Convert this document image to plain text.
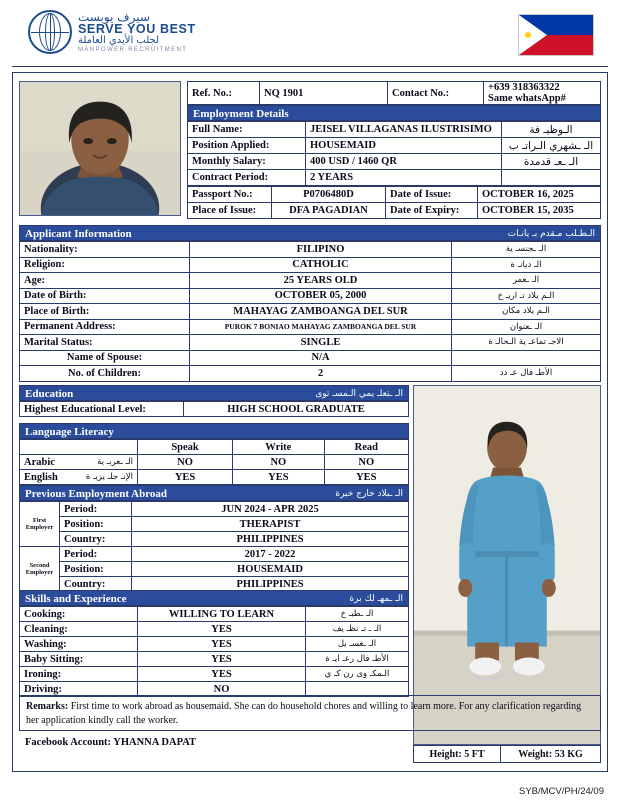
سيرف يوبست
SERVE YOU BEST
لجلب الأيدي العاملة
MANPOWER RECRUITMENT
Ref. No.:	NQ 1901	Contact No.:	+639 318363322
Same whatsApp#
Employment Details
Full Name:	JEISEL VILLAGANAS ILUSTRISIMO	الـوظيـ فة
Position Applied:	HOUSEMAID	الـ ـشهري الـراتـ ب
Monthly Salary:	400 USD / 1460 QR	الـ ـعـ قدمدة
Contract Period:	2 YEARS	
Passport No.:	P0706480D	Date of Issue:	OCTOBER 16, 2025
Place of Issue:	DFA PAGADIAN	Date of Expiry:	OCTOBER 15, 2035
Applicant Information	الـطـلب مـقدم بـ يانـات
Nationality:	FILIPINO	الـ ـجنسـ ية
Religion:	CATHOLIC	الـ ديانـ ة
Age:	25 YEARS OLD	الـ ـعمر
Date of Birth:	OCTOBER 05, 2000	الـم يلاد تـ اريـ خ
Place of Birth:	MAHAYAG ZAMBOANGA DEL SUR	الـم يلاد مكان
Permanent Address:	PUROK 7 BONIAO MAHAYAG ZAMBOANGA DEL SUR	الـ ـعنوان
Marital Status:	SINGLE	الاجـ تماعـ ية الـحالـ ة
Name of Spouse:	N/A	
No. of Children:	2	الأطـ فال عـ دد
Education	الـ ـتعلـ يمي الـمسـ توى
Highest Educational Level:	HIGH SCHOOL GRADUATE
Language Literacy
	Speak	Write	Read
Arabic الـ ـعربـ ية	NO	NO	NO
English الإنـ جلـ يزيـ ة	YES	YES	YES
Previous Employment Abroad	الـ ـبلاد خارج خبرة
First Employer	Period:	JUN 2024 - APR 2025
	Position:	THERAPIST
	Country:	PHILIPPINES
Second Employer	Period:	2017 - 2022
	Position:	HOUSEMAID
	Country:	PHILIPPINES
Skills and Experience	الـ ـمهـ لك برة
Cooking:	WILLING TO LEARN	الـ ـطبـ خ
Cleaning:	YES	الـ ـ تـ نظـ يف
Washing:	YES	الـ ـغسـ يل
Baby Sitting:	YES	الأطـ فال رعـ ايـ ة
Ironing:	YES	الـمكـ وى رن كـ ي
Driving:	NO	
Height: 5 FT	Weight: 53 KG
Remarks: First time to work abroad as housemaid. She can do household chores and willing to learn more. For any clarification regarding her application kindly call the worker.
Facebook Account: YHANNA DAPAT
SYB/MCV/PH/24/09
